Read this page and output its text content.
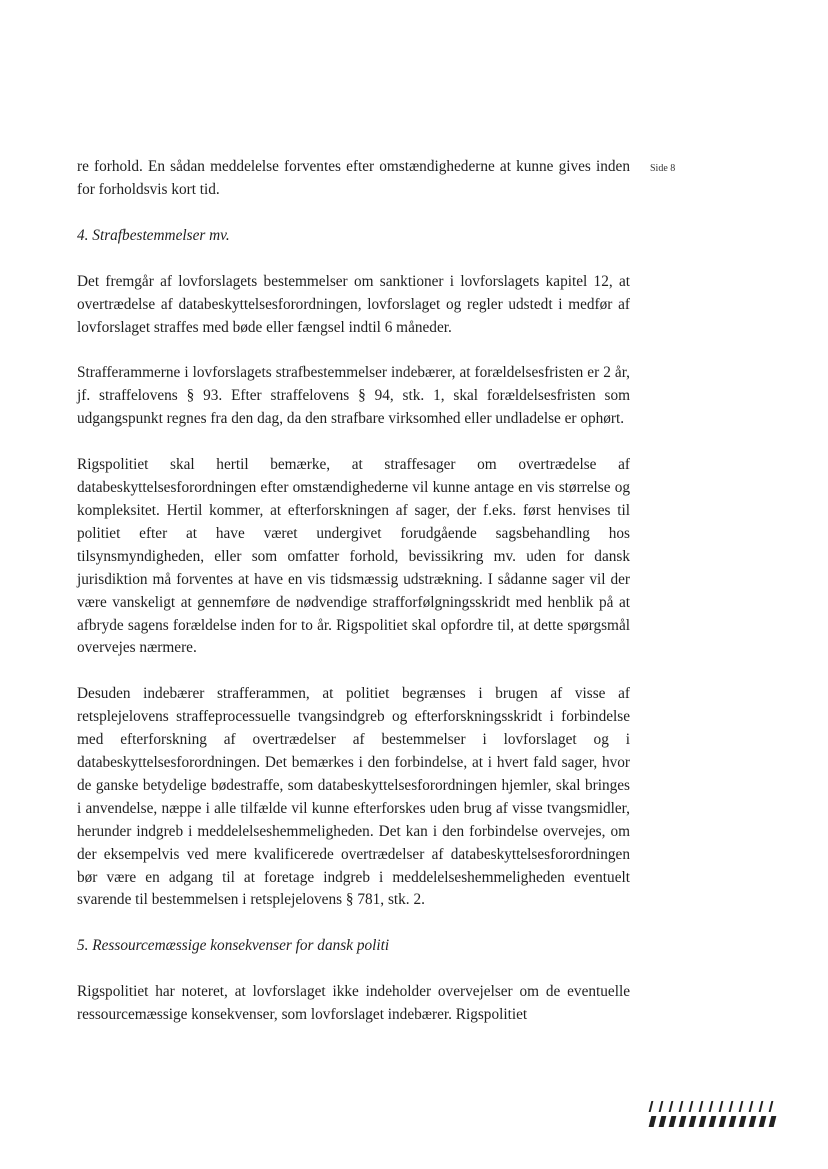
Side 8

re forhold. En sådan meddelelse forventes efter omstændighederne at kunne gives inden for forholdsvis kort tid.

4. Strafbestemmelser mv.

Det fremgår af lovforslagets bestemmelser om sanktioner i lovforslagets kapitel 12, at overtrædelse af databeskyttelsesforordningen, lovforslaget og regler udstedt i medfør af lovforslaget straffes med bøde eller fængsel indtil 6 måneder.

Strafferammerne i lovforslagets strafbestemmelser indebærer, at forældelsesfristen er 2 år, jf. straffelovens § 93. Efter straffelovens § 94, stk. 1, skal forældelsesfristen som udgangspunkt regnes fra den dag, da den strafbare virksomhed eller undladelse er ophørt.

Rigspolitiet skal hertil bemærke, at straffesager om overtrædelse af databeskyttelsesforordningen efter omstændighederne vil kunne antage en vis størrelse og kompleksitet. Hertil kommer, at efterforskningen af sager, der f.eks. først henvises til politiet efter at have været undergivet forudgående sagsbehandling hos tilsynsmyndigheden, eller som omfatter forhold, bevissikring mv. uden for dansk jurisdiktion må forventes at have en vis tidsmæssig udstrækning. I sådanne sager vil der være vanskeligt at gennemføre de nødvendige strafforfølgningsskridt med henblik på at afbryde sagens forældelse inden for to år. Rigspolitiet skal opfordre til, at dette spørgsmål overvejes nærmere.

Desuden indebærer strafferammen, at politiet begrænses i brugen af visse af retsplejelovens straffeprocessuelle tvangsindgreb og efterforskningsskridt i forbindelse med efterforskning af overtrædelser af bestemmelser i lovforslaget og i databeskyttelsesforordningen. Det bemærkes i den forbindelse, at i hvert fald sager, hvor de ganske betydelige bødestraffe, som databeskyttelsesforordningen hjemler, skal bringes i anvendelse, næppe i alle tilfælde vil kunne efterforskes uden brug af visse tvangsmidler, herunder indgreb i meddelelseshemmeligheden. Det kan i den forbindelse overvejes, om der eksempelvis ved mere kvalificerede overtrædelser af databeskyttelsesforordningen bør være en adgang til at foretage indgreb i meddelelseshemmeligheden eventuelt svarende til bestemmelsen i retsplejelovens § 781, stk. 2.

5. Ressourcemæssige konsekvenser for dansk politi

Rigspolitiet har noteret, at lovforslaget ikke indeholder overvejelser om de eventuelle ressourcemæssige konsekvenser, som lovforslaget indebærer. Rigspolitiet
